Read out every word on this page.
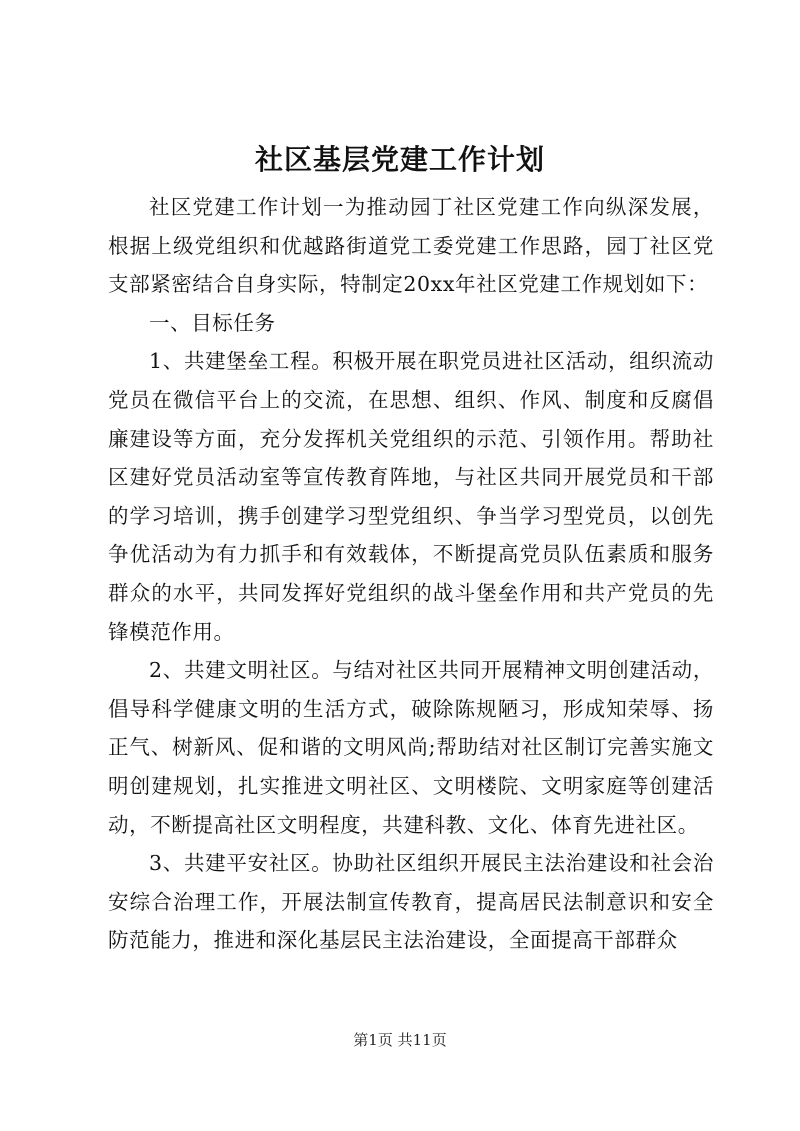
社区基层党建工作计划

社区党建工作计划一为推动园丁社区党建工作向纵深发展，根据上级党组织和优越路街道党工委党建工作思路，园丁社区党支部紧密结合自身实际，特制定20xx年社区党建工作规划如下：

一、目标任务

1、共建堡垒工程。积极开展在职党员进社区活动，组织流动党员在微信平台上的交流，在思想、组织、作风、制度和反腐倡廉建设等方面，充分发挥机关党组织的示范、引领作用。帮助社区建好党员活动室等宣传教育阵地，与社区共同开展党员和干部的学习培训，携手创建学习型党组织、争当学习型党员，以创先争优活动为有力抓手和有效载体，不断提高党员队伍素质和服务群众的水平，共同发挥好党组织的战斗堡垒作用和共产党员的先锋模范作用。

2、共建文明社区。与结对社区共同开展精神文明创建活动，倡导科学健康文明的生活方式，破除陈规陋习，形成知荣辱、扬正气、树新风、促和谐的文明风尚;帮助结对社区制订完善实施文明创建规划，扎实推进文明社区、文明楼院、文明家庭等创建活动，不断提高社区文明程度，共建科教、文化、体育先进社区。

3、共建平安社区。协助社区组织开展民主法治建设和社会治安综合治理工作，开展法制宣传教育，提高居民法制意识和安全防范能力，推进和深化基层民主法治建设，全面提高干部群众

第1页 共11页
